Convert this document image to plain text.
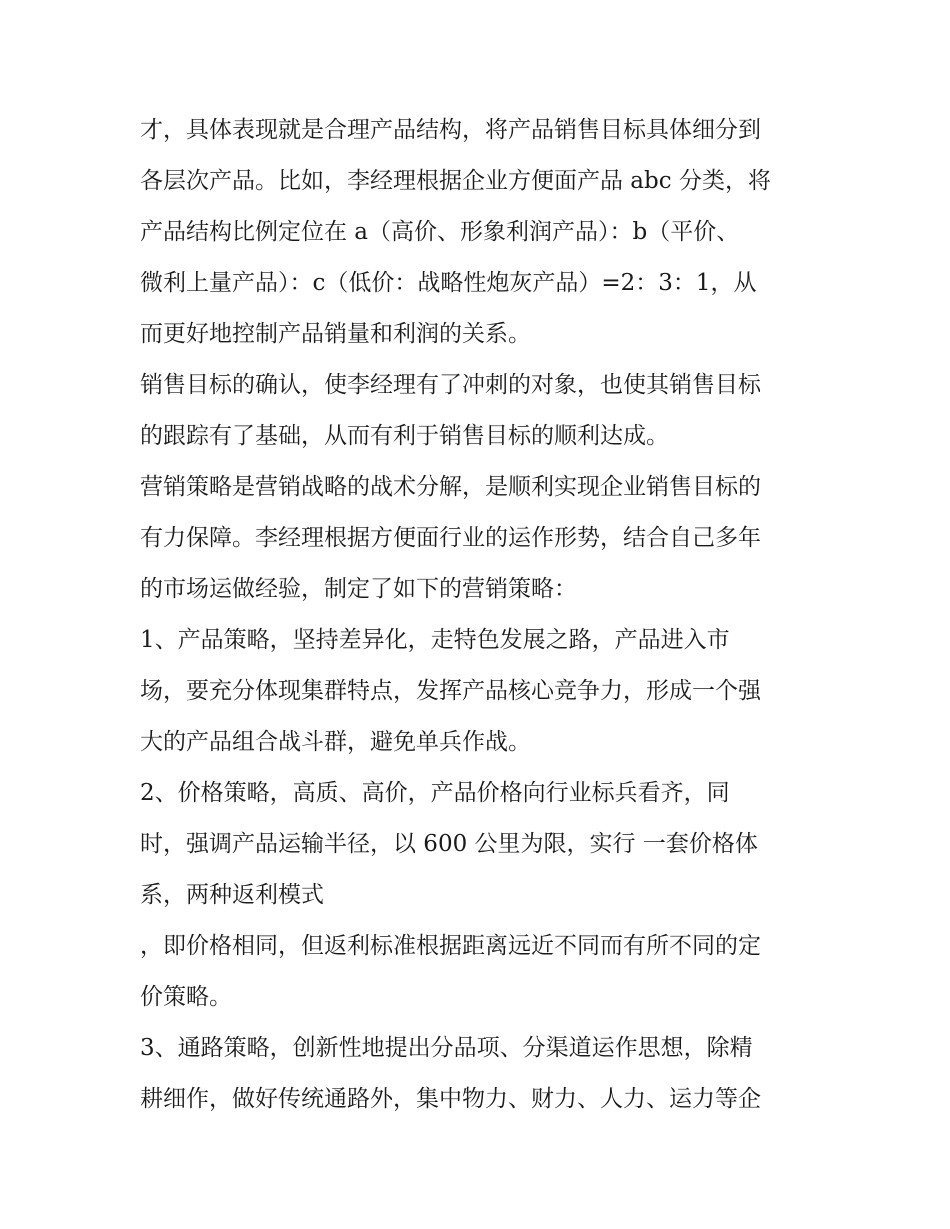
才，具体表现就是合理产品结构，将产品销售目标具体细分到
各层次产品。比如，李经理根据企业方便面产品 abc 分类，将
产品结构比例定位在 a（高价、形象利润产品）：b（平价、
微利上量产品）：c（低价：战略性炮灰产品）=2：3：1，从
而更好地控制产品销量和利润的关系。
销售目标的确认，使李经理有了冲刺的对象，也使其销售目标
的跟踪有了基础，从而有利于销售目标的顺利达成。
营销策略是营销战略的战术分解，是顺利实现企业销售目标的
有力保障。李经理根据方便面行业的运作形势，结合自己多年
的市场运做经验，制定了如下的营销策略：
1、产品策略，坚持差异化，走特色发展之路，产品进入市
场，要充分体现集群特点，发挥产品核心竞争力，形成一个强
大的产品组合战斗群，避免单兵作战。
2、价格策略，高质、高价，产品价格向行业标兵看齐，同
时，强调产品运输半径，以 600 公里为限，实行 一套价格体
系，两种返利模式
，即价格相同，但返利标准根据距离远近不同而有所不同的定
价策略。
3、通路策略，创新性地提出分品项、分渠道运作思想，除精
耕细作，做好传统通路外，集中物力、财力、人力、运力等企
